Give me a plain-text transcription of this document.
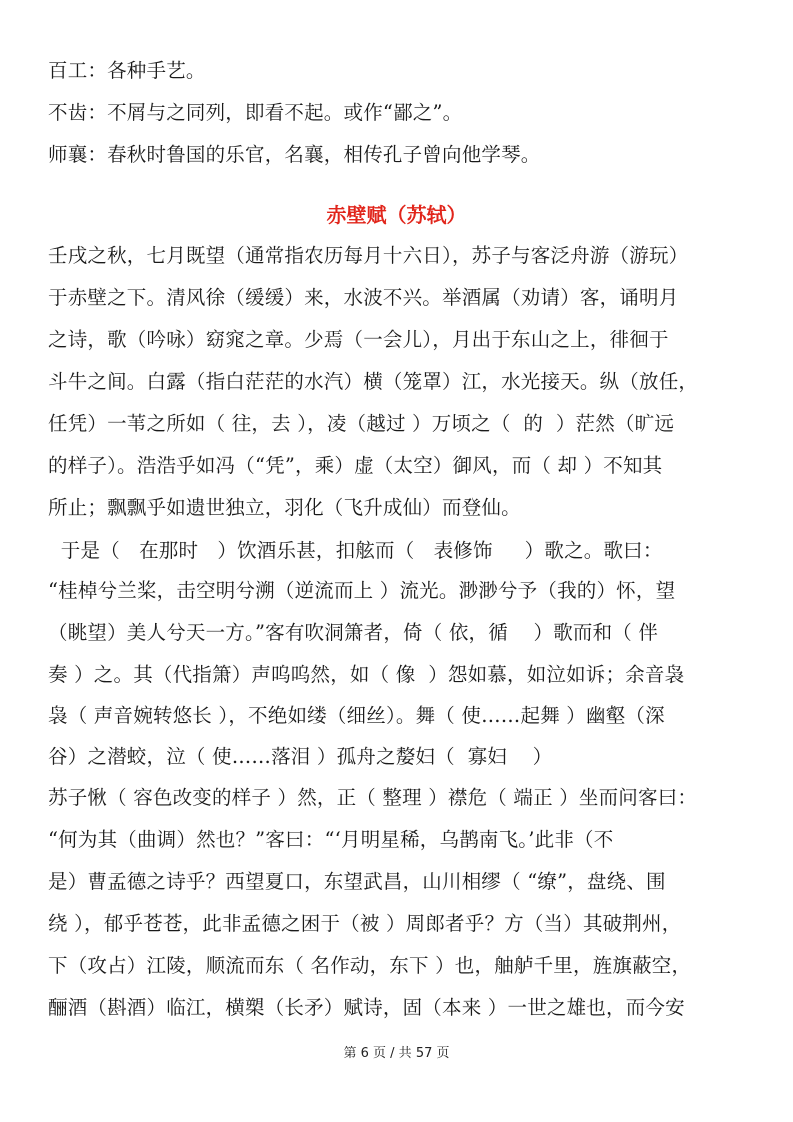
百工：各种手艺。
不齿：不屑与之同列，即看不起。或作“鄙之”。
师襄：春秋时鲁国的乐官，名襄，相传孔子曾向他学琴。
赤壁赋（苏轼）
壬戌之秋，七月既望（通常指农历每月十六日），苏子与客泛舟游（游玩）
于赤壁之下。清风徐（缓缓）来，水波不兴。举酒属（劝请）客，诵明月
之诗，歌（吟咏）窈窕之章。少焉（一会儿），月出于东山之上，徘徊于
斗牛之间。白露（指白茫茫的水汽）横（笼罩）江，水光接天。纵（放任，
任凭）一苇之所如（ 往，去 ），凌（越过 ）万顷之（  的  ）茫然（旷远
的样子）。浩浩乎如冯（“凭”，乘）虚（太空）御风，而（ 却 ）不知其
所止；飘飘乎如遗世独立，羽化（飞升成仙）而登仙。
于是（   在那时   ）饮酒乐甚，扣舷而（   表修饰     ）歌之。歌曰：
“桂棹兮兰桨，击空明兮溯（逆流而上 ）流光。渺渺兮予（我的）怀，望
（眺望）美人兮天一方。”客有吹洞箫者，倚（ 依，循    ）歌而和（ 伴
奏 ）之。其（代指箫）声呜呜然，如（ 像  ）怨如慕，如泣如诉；余音袅
袅（ 声音婉转悠长 ），不绝如缕（细丝）。舞（ 使……起舞 ）幽壑（深
谷）之潜蛟，泣（ 使……落泪 ）孤舟之嫠妇（  寡妇    ）
苏子愀（ 容色改变的样子 ）然，正（ 整理 ）襟危（ 端正 ）坐而问客曰：
“何为其（曲调）然也？”客曰：“‘月明星稀，乌鹊南飞。’此非（不
是）曹孟德之诗乎？西望夏口，东望武昌，山川相缪（ “缭”，盘绕、围
绕 ），郁乎苍苍，此非孟德之困于（被 ）周郎者乎？方（当）其破荆州，
下（攻占）江陵，顺流而东（ 名作动，东下 ）也，舳舻千里，旌旗蔽空，
酾酒（斟酒）临江，横槊（长矛）赋诗，固（本来 ）一世之雄也，而今安
第 6 页 / 共 57 页
